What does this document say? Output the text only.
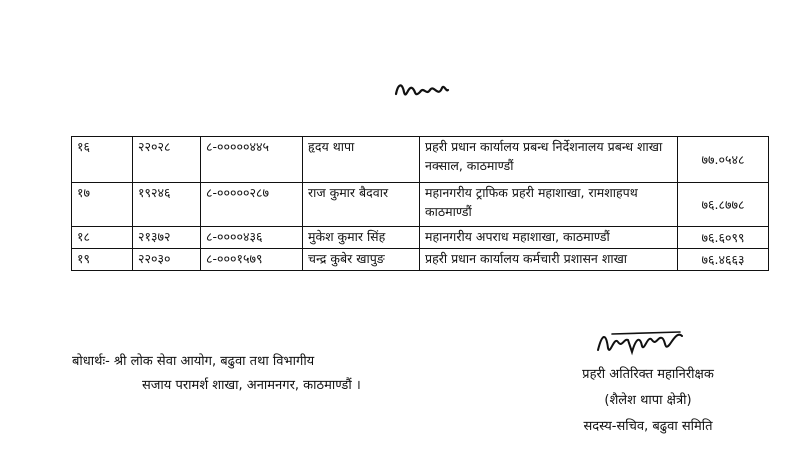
१६	२२०२८	८-०००००४४५	हृदय थापा	प्रहरी प्रधान कार्यालय प्रबन्ध निर्देशनालय प्रबन्ध शाखा नक्साल, काठमाण्डौं	७७.०५४८
१७	१९२४६	८-०००००२८७	राज कुमार बैदवार	महानगरीय ट्राफिक प्रहरी महाशाखा, रामशाहपथ काठमाण्डौं	७६.८७७८
१८	२१३७२	८-००००४३६	मुकेश कुमार सिंह	महानगरीय अपराध महाशाखा, काठमाण्डौं	७६.६०९९
१९	२२०३०	८-०००१५७९	चन्द्र कुबेर खापुङ	प्रहरी प्रधान कार्यालय कर्मचारी प्रशासन शाखा	७६.४६६३
बोधार्थः- श्री लोक सेवा आयोग, बढुवा तथा विभागीय
सजाय परामर्श शाखा, अनामनगर, काठमाण्डौं ।
प्रहरी अतिरिक्त महानिरीक्षक
(शैलेश थापा क्षेत्री)
सदस्य-सचिव, बढुवा समिति
